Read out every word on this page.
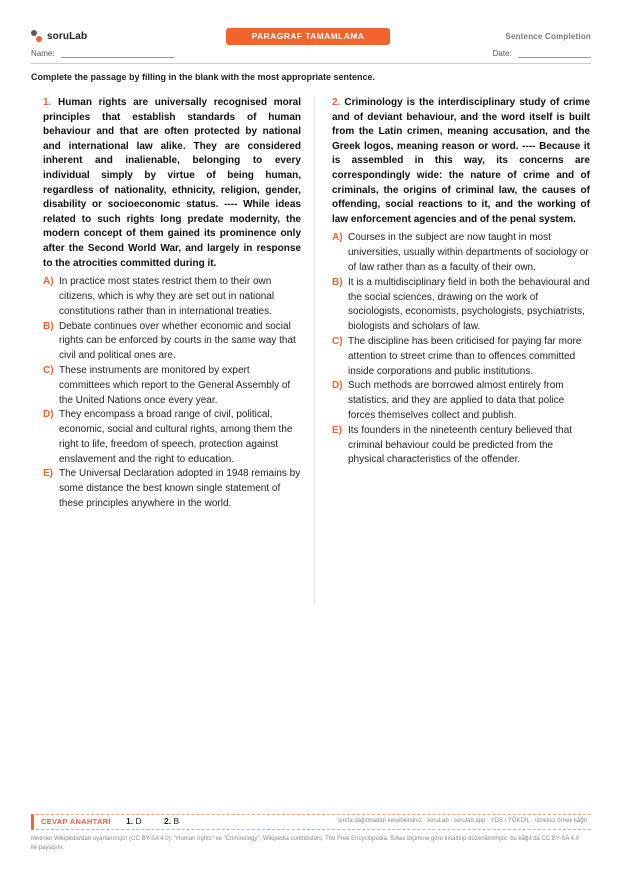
soruLab	PARAGRAF TAMAMLAMA	Sentence Completion
Name:	Date:
Complete the passage by filling in the blank with the most appropriate sentence.

1. Human rights are universally recognised moral principles that establish standards of human behaviour and that are often protected by national and international law alike. They are considered inherent and inalienable, belonging to every individual simply by virtue of being human, regardless of nationality, ethnicity, religion, gender, disability or socioeconomic status. ---- While ideas related to such rights long predate modernity, the modern concept of them gained its prominence only after the Second World War, and largely in response to the atrocities committed during it.

A) In practice most states restrict them to their own citizens, which is why they are set out in national constitutions rather than in international treaties.
B) Debate continues over whether economic and social rights can be enforced by courts in the same way that civil and political ones are.
C) These instruments are monitored by expert committees which report to the General Assembly of the United Nations once every year.
D) They encompass a broad range of civil, political, economic, social and cultural rights, among them the right to life, freedom of speech, protection against enslavement and the right to education.
E) The Universal Declaration adopted in 1948 remains by some distance the best known single statement of these principles anywhere in the world.

2. Criminology is the interdisciplinary study of crime and of deviant behaviour, and the word itself is built from the Latin crimen, meaning accusation, and the Greek logos, meaning reason or word. ---- Because it is assembled in this way, its concerns are correspondingly wide: the nature of crime and of criminals, the origins of criminal law, the causes of offending, social reactions to it, and the working of law enforcement agencies and of the penal system.

A) Courses in the subject are now taught in most universities, usually within departments of sociology or of law rather than as a faculty of their own.
B) It is a multidisciplinary field in both the behavioural and the social sciences, drawing on the work of sociologists, economists, psychologists, psychiatrists, biologists and scholars of law.
C) The discipline has been criticised for paying far more attention to street crime than to offences committed inside corporations and public institutions.
D) Such methods are borrowed almost entirely from statistics, and they are applied to data that police forces themselves collect and publish.
E) Its founders in the nineteenth century believed that criminal behaviour could be predicted from the physical characteristics of the offender.
CEVAP ANAHTARI 1. D	2. B	sınıfa dağıtmadan kesebilirsiniz · soruLab · sorulab.app · YDS / YÖKDİL · ücretsiz örnek kâğıt
Metinler Wikipedia'dan uyarlanmıştır (CC BY-SA 4.0): "Human rights" ve "Criminology"; Wikipedia contributors, The Free Encyclopedia. Sınav biçimine göre kısaltılıp düzenlenmiştir; bu kâğıt da CC BY-SA 4.0 ile paylaşılır.
